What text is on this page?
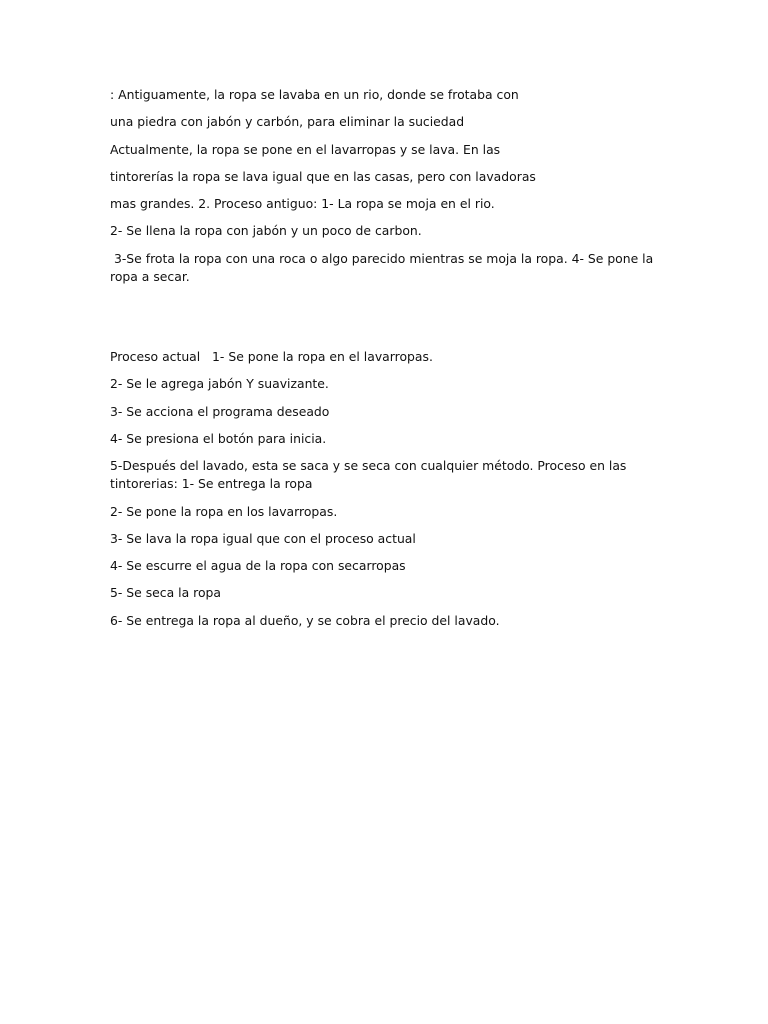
: Antiguamente, la ropa se lavaba en un rio, donde se frotaba con

una piedra con jabón y carbón, para eliminar la suciedad

Actualmente, la ropa se pone en el lavarropas y se lava. En las

tintorerías la ropa se lava igual que en las casas, pero con lavadoras

mas grandes. 2. Proceso antiguo: 1- La ropa se moja en el rio.

2- Se llena la ropa con jabón y un poco de carbon.

3-Se frota la ropa con una roca o algo parecido mientras se moja la ropa. 4- Se pone la ropa a secar.

Proceso actual   1- Se pone la ropa en el lavarropas.

2- Se le agrega jabón Y suavizante.

3- Se acciona el programa deseado

4- Se presiona el botón para inicia.

5-Después del lavado, esta se saca y se seca con cualquier método. Proceso en las tintorerias: 1- Se entrega la ropa

2- Se pone la ropa en los lavarropas.

3- Se lava la ropa igual que con el proceso actual

4- Se escurre el agua de la ropa con secarropas

5- Se seca la ropa

6- Se entrega la ropa al dueño, y se cobra el precio del lavado.
